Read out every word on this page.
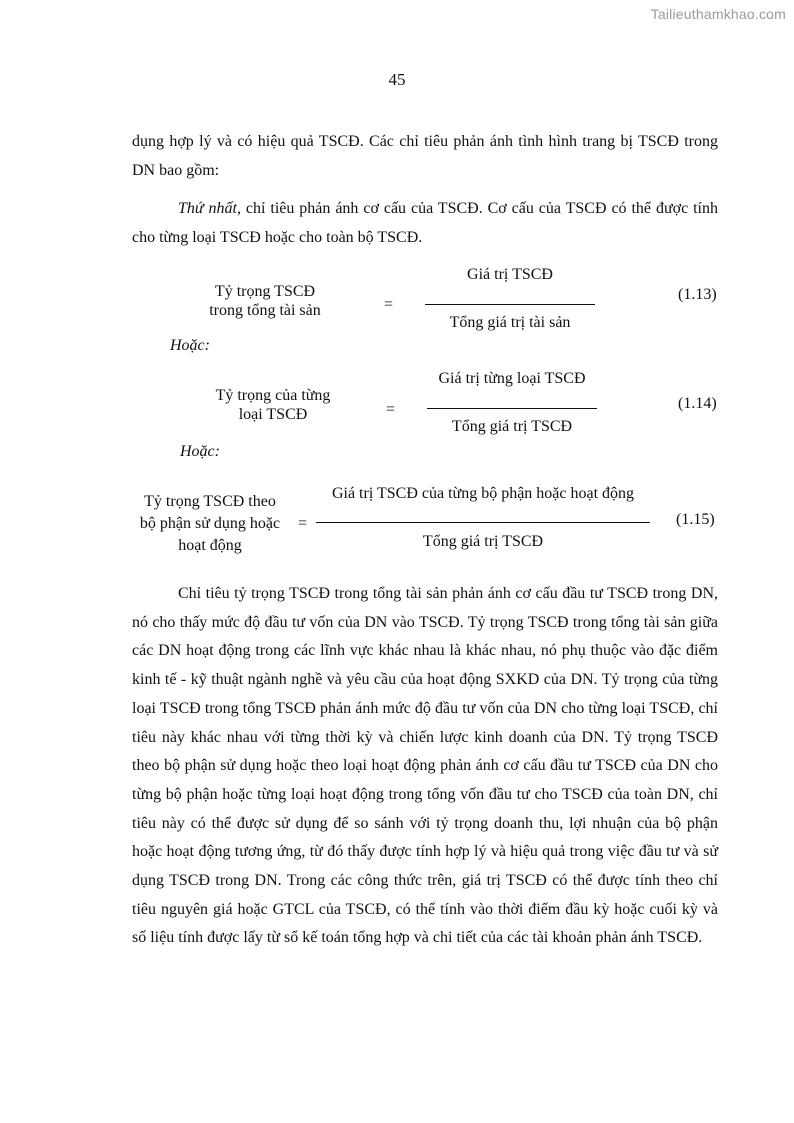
Tailieuthamkhao.com
45

dụng hợp lý và có hiệu quả TSCĐ. Các chỉ tiêu phản ánh tình hình trang bị TSCĐ trong DN bao gồm:

Thứ nhất, chỉ tiêu phản ánh cơ cấu của TSCĐ. Cơ cấu của TSCĐ có thể được tính cho từng loại TSCĐ hoặc cho toàn bộ TSCĐ.

Tỷ trọng TSCĐ
trong tổng tài sản	=
Giá trị TSCĐ
Tổng giá trị tài sản
(1.13)
Hoặc:
Tỷ trọng của từng
loại TSCĐ	=
Giá trị từng loại TSCĐ
Tổng giá trị TSCĐ
(1.14)
Hoặc:
Tỷ trọng TSCĐ theo
bộ phận sử dụng hoặc
hoạt động
=
Giá trị TSCĐ của từng bộ phận hoặc hoạt động
Tổng giá trị TSCĐ
(1.15)

Chỉ tiêu tỷ trọng TSCĐ trong tổng tài sản phản ánh cơ cấu đầu tư TSCĐ trong DN, nó cho thấy mức độ đầu tư vốn của DN vào TSCĐ. Tỷ trọng TSCĐ trong tổng tài sản giữa các DN hoạt động trong các lĩnh vực khác nhau là khác nhau, nó phụ thuộc vào đặc điểm kinh tế - kỹ thuật ngành nghề và yêu cầu của hoạt động SXKD của DN. Tỷ trọng của từng loại TSCĐ trong tổng TSCĐ phản ánh mức độ đầu tư vốn của DN cho từng loại TSCĐ, chỉ tiêu này khác nhau với từng thời kỳ và chiến lược kinh doanh của DN. Tỷ trọng TSCĐ theo bộ phận sử dụng hoặc theo loại hoạt động phản ánh cơ cấu đầu tư TSCĐ của DN cho từng bộ phận hoặc từng loại hoạt động trong tổng vốn đầu tư cho TSCĐ của toàn DN, chỉ tiêu này có thể được sử dụng để so sánh với tỷ trọng doanh thu, lợi nhuận của bộ phận hoặc hoạt động tương ứng, từ đó thấy được tính hợp lý và hiệu quả trong việc đầu tư và sử dụng TSCĐ trong DN. Trong các công thức trên, giá trị TSCĐ có thể được tính theo chỉ tiêu nguyên giá hoặc GTCL của TSCĐ, có thể tính vào thời điểm đầu kỳ hoặc cuối kỳ và số liệu tính được lấy từ sổ kế toán tổng hợp và chi tiết của các tài khoản phản ánh TSCĐ.
